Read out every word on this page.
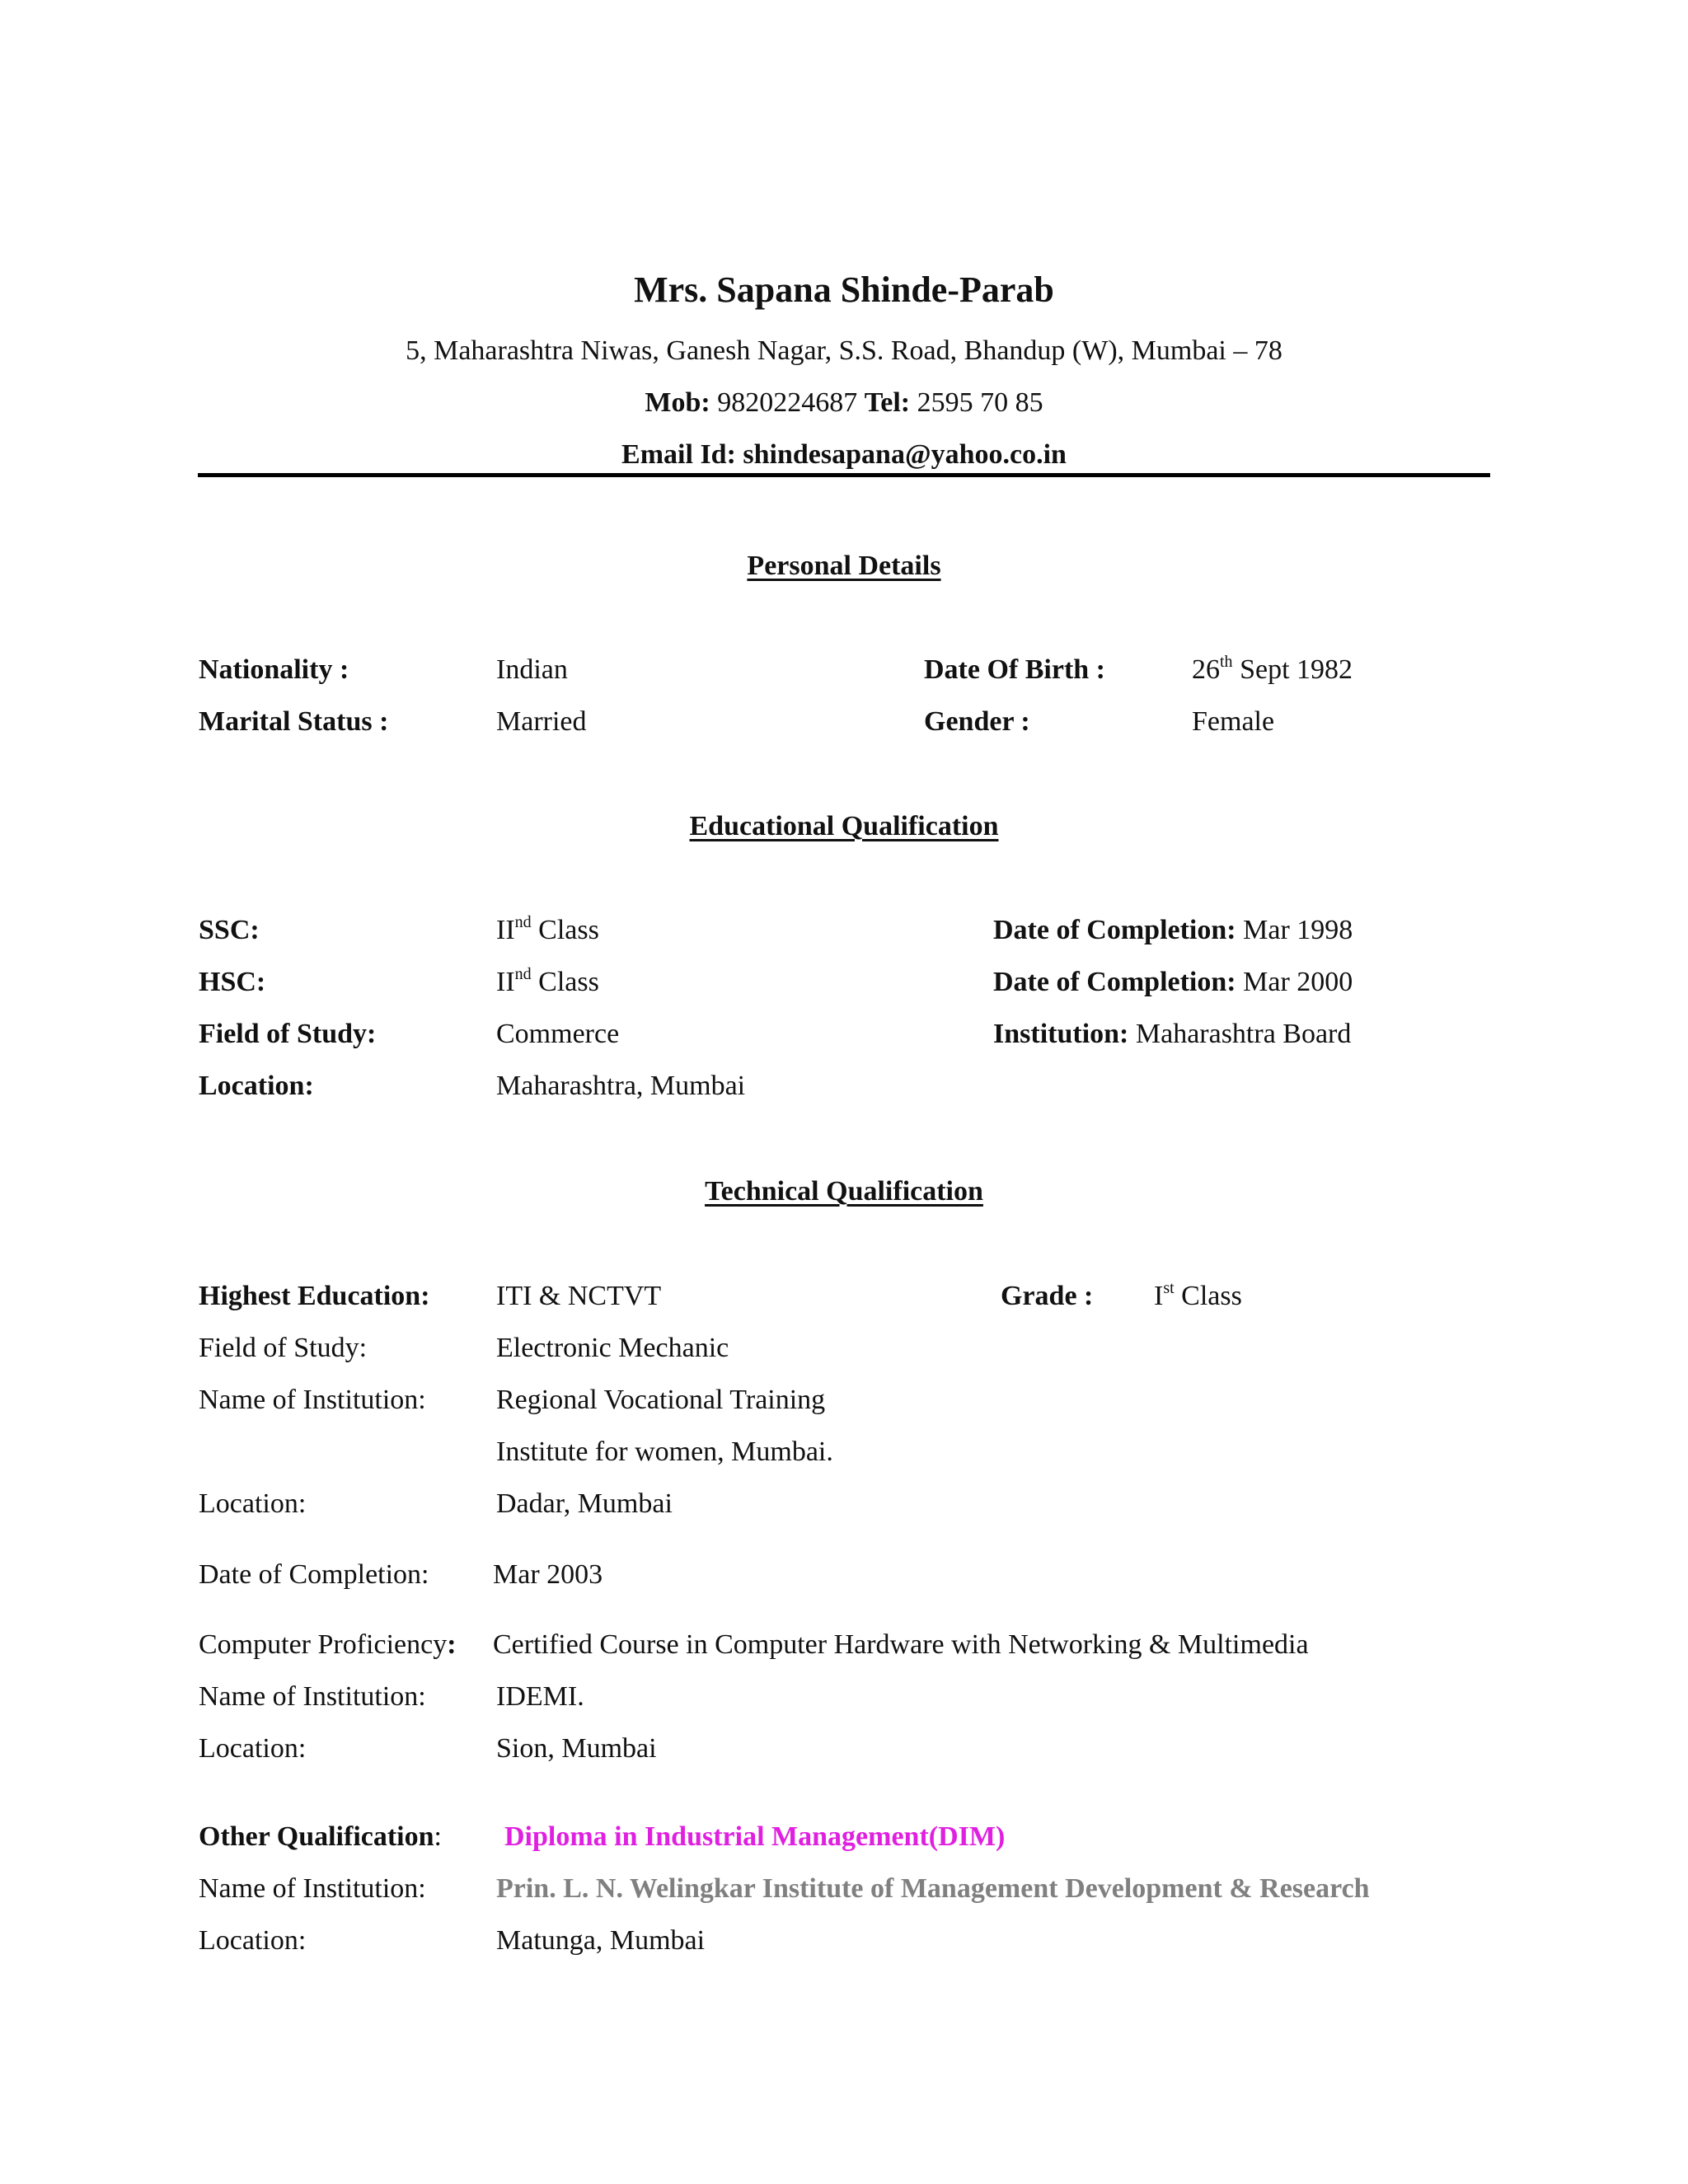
Mrs. Sapana Shinde-Parab
5, Maharashtra Niwas, Ganesh Nagar, S.S. Road, Bhandup (W), Mumbai – 78
Mob: 9820224687 Tel: 2595 70 85
Email Id: shindesapana@yahoo.co.in
Personal Details
Nationality :	Indian	Date Of Birth :	26th Sept 1982
Marital Status :	Married	Gender :	Female
Educational Qualification
SSC:	IInd Class	Date of Completion: Mar 1998
HSC:	IInd Class	Date of Completion: Mar 2000
Field of Study:	Commerce	Institution: Maharashtra Board
Location:	Maharashtra, Mumbai
Technical Qualification
Highest Education: ITI & NCTVT	Grade : Ist Class
Field of Study:	Electronic Mechanic
Name of Institution:	Regional Vocational Training
Institute for women, Mumbai.
Location:	Dadar, Mumbai
Date of Completion: Mar 2003
Computer Proficiency: Certified Course in Computer Hardware with Networking & Multimedia
Name of Institution:	IDEMI.
Location:	Sion, Mumbai
Other Qualification: Diploma in Industrial Management(DIM)
Name of Institution:	Prin. L. N. Welingkar Institute of Management Development & Research
Location:	Matunga, Mumbai
